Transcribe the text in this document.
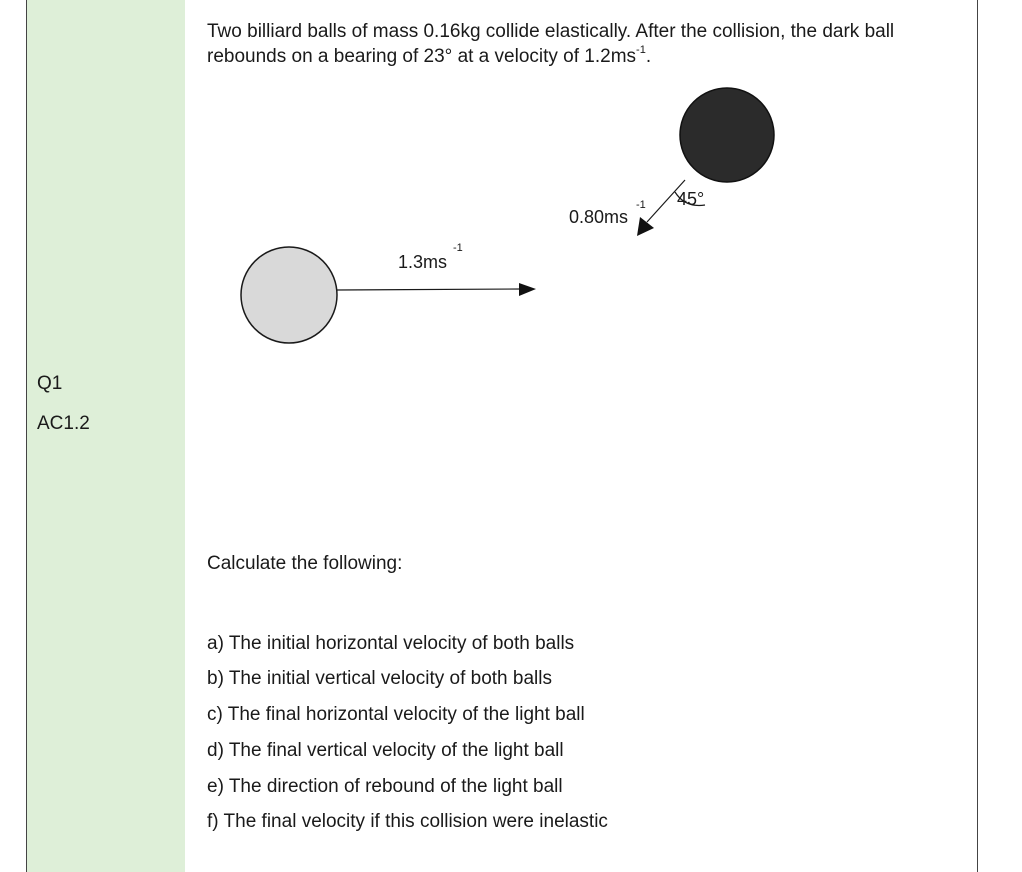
Q1
AC1.2
Two billiard balls of mass 0.16kg collide elastically. After the collision, the dark ball
rebounds on a bearing of 23° at a velocity of $1.2ms^{-1}$.
1.3ms
-1
45°
0.80ms
-1
Calculate the following:
a) The initial horizontal velocity of both balls
b) The initial vertical velocity of both balls
c) The final horizontal velocity of the light ball
d) The final vertical velocity of the light ball
e) The direction of rebound of the light ball
f) The final velocity if this collision were inelastic
